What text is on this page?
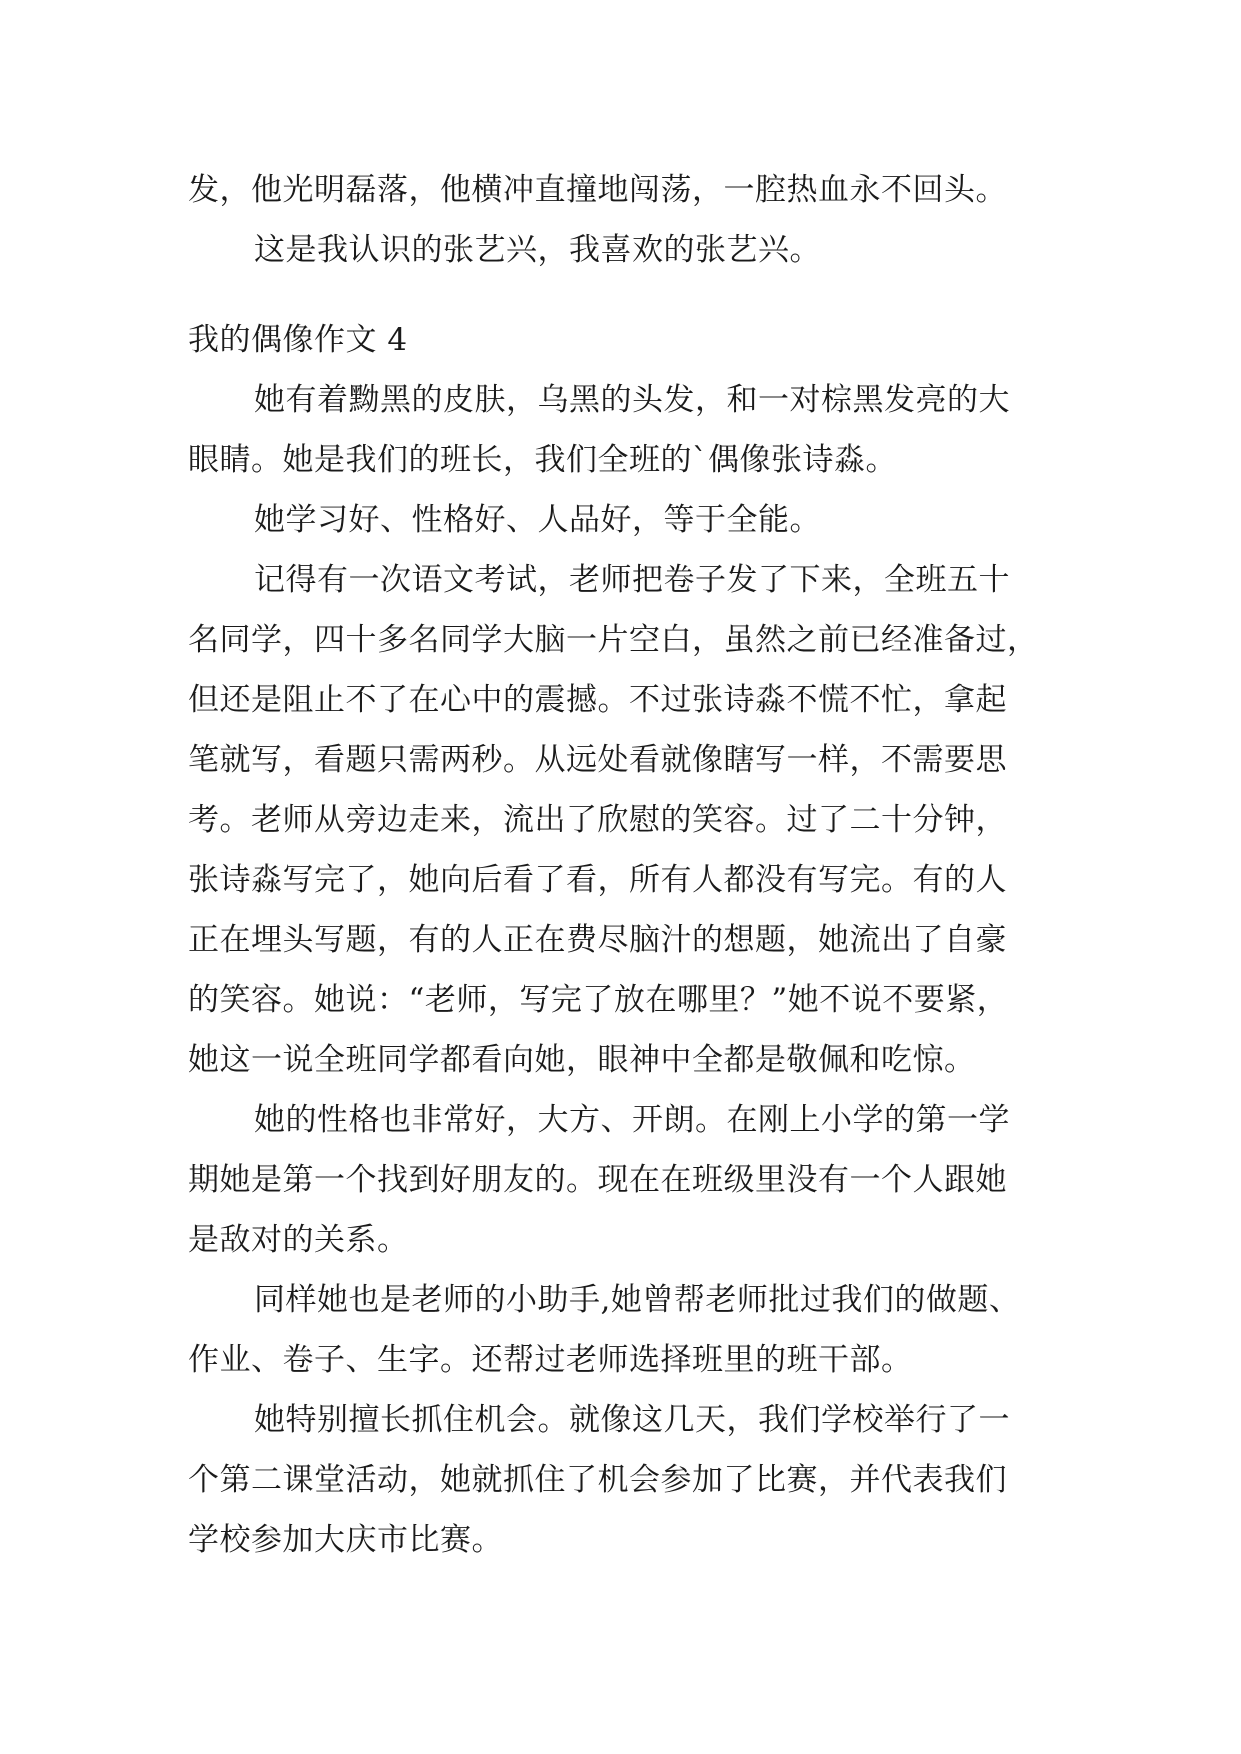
发，他光明磊落，他横冲直撞地闯荡，一腔热血永不回头。
这是我认识的张艺兴，我喜欢的张艺兴。
我的偶像作文 4
她有着黝黑的皮肤，乌黑的头发，和一对棕黑发亮的大
眼睛。她是我们的班长，我们全班的`偶像张诗淼。
她学习好、性格好、人品好，等于全能。
记得有一次语文考试，老师把卷子发了下来，全班五十
名同学，四十多名同学大脑一片空白，虽然之前已经准备过，
但还是阻止不了在心中的震撼。不过张诗淼不慌不忙，拿起
笔就写，看题只需两秒。从远处看就像瞎写一样，不需要思
考。老师从旁边走来，流出了欣慰的笑容。过了二十分钟，
张诗淼写完了，她向后看了看，所有人都没有写完。有的人
正在埋头写题，有的人正在费尽脑汁的想题，她流出了自豪
的笑容。她说：“老师，写完了放在哪里？”她不说不要紧，
她这一说全班同学都看向她，眼神中全都是敬佩和吃惊。
她的性格也非常好，大方、开朗。在刚上小学的第一学
期她是第一个找到好朋友的。现在在班级里没有一个人跟她
是敌对的关系。
同样她也是老师的小助手,她曾帮老师批过我们的做题、
作业、卷子、生字。还帮过老师选择班里的班干部。
她特别擅长抓住机会。就像这几天，我们学校举行了一
个第二课堂活动，她就抓住了机会参加了比赛，并代表我们
学校参加大庆市比赛。
